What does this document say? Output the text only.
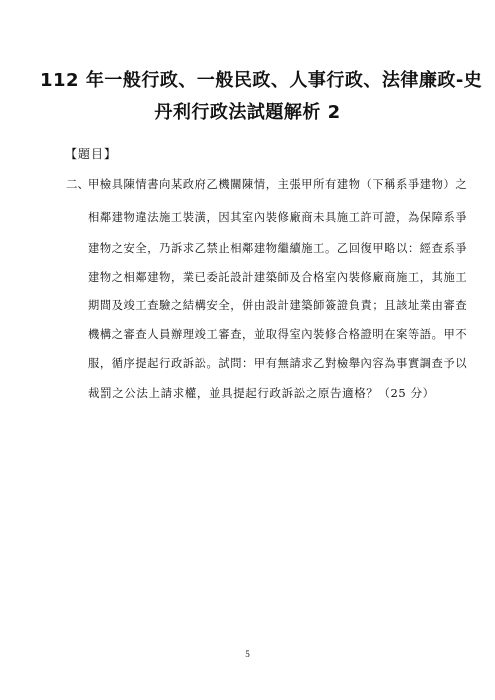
112 年一般行政、一般民政、人事行政、法律廉政-史
丹利行政法試題解析 2
【題目】
二、 甲檢具陳情書向某政府乙機關陳情，主張甲所有建物（下稱系爭建物）之
相鄰建物違法施工裝潢，因其室內裝修廠商未具施工許可證，為保障系爭
建物之安全，乃訴求乙禁止相鄰建物繼續施工。乙回復甲略以：經查系爭
建物之相鄰建物，業已委託設計建築師及合格室內裝修廠商施工，其施工
期間及竣工查驗之結構安全，併由設計建築師簽證負責；且該址業由審查
機構之審查人員辦理竣工審查，並取得室內裝修合格證明在案等語。甲不
服，循序提起行政訴訟。試問：甲有無請求乙對檢舉內容為事實調查予以
裁罰之公法上請求權，並具提起行政訴訟之原告適格？（25 分）
5
